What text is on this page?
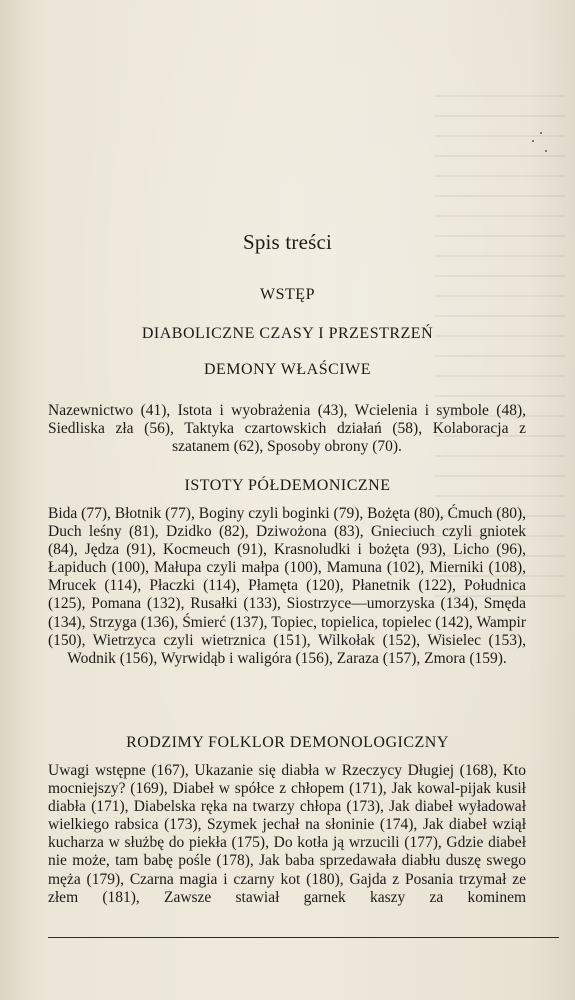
Spis treści
WSTĘP
DIABOLICZNE CZASY I PRZESTRZEŃ
DEMONY WŁAŚCIWE
Nazewnictwo (41), Istota i wyobrażenia (43), Wcielenia i symbole (48), Siedliska zła (56), Taktyka czartowskich działań (58), Kolaboracja z szatanem (62), Sposoby obrony (70).
ISTOTY PÓŁDEMONICZNE
Bida (77), Błotnik (77), Boginy czyli boginki (79), Bożęta (80), Ćmuch (80), Duch leśny (81), Dzidko (82), Dziwożona (83), Gnieciuch czyli gniotek (84), Jędza (91), Kocmeuch (91), Krasnoludki i bożęta (93), Licho (96), Łapiduch (100), Małupa czyli małpa (100), Mamuna (102), Mierniki (108), Mrucek (114), Płaczki (114), Płamęta (120), Płanetnik (122), Południca (125), Pomana (132), Rusałki (133), Siostrzyce—umorzyska (134), Smęda (134), Strzyga (136), Śmierć (137), Topiec, topielica, topielec (142), Wampir (150), Wietrzyca czyli wietrznica (151), Wilkołak (152), Wisielec (153), Wodnik (156), Wyrwidąb i waligóra (156), Zaraza (157), Zmora (159).
RODZIMY FOLKLOR DEMONOLOGICZNY
Uwagi wstępne (167), Ukazanie się diabła w Rzeczycy Długiej (168), Kto mocniejszy? (169), Diabeł w spółce z chłopem (171), Jak kowal-pijak kusił diabła (171), Diabelska ręka na twarzy chłopa (173), Jak diabeł wyładował wielkiego rabsica (173), Szymek jechał na słoninie (174), Jak diabeł wziął kucharza w służbę do piekła (175), Do kotła ją wrzucili (177), Gdzie diabeł nie może, tam babę pośle (178), Jak baba sprzedawała diabłu duszę swego męża (179), Czarna magia i czarny kot (180), Gajda z Posania trzymał ze złem (181), Zawsze stawiał garnek kaszy za kominem
